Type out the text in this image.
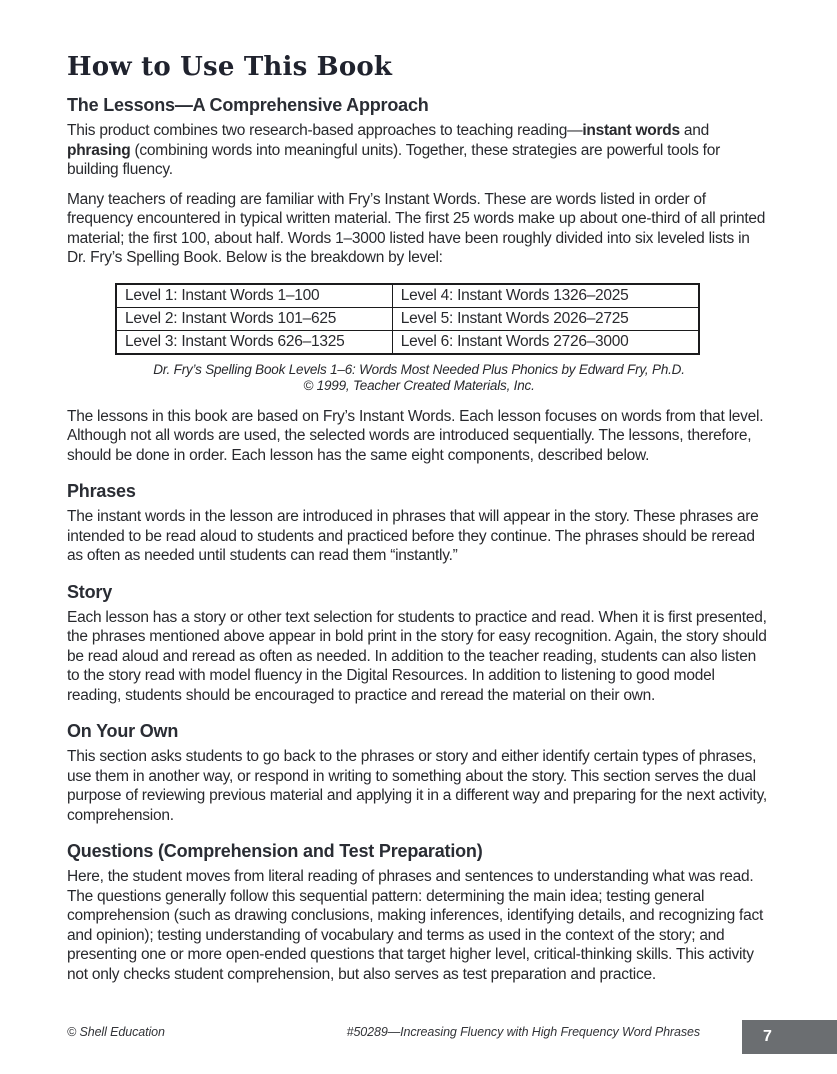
How to Use This Book
The Lessons—A Comprehensive Approach

This product combines two research-based approaches to teaching reading—instant words and phrasing (combining words into meaningful units). Together, these strategies are powerful tools for building fluency.

Many teachers of reading are familiar with Fry’s Instant Words. These are words listed in order of frequency encountered in typical written material. The first 25 words make up about one-third of all printed material; the first 100, about half. Words 1–3000 listed have been roughly divided into six leveled lists in Dr. Fry’s Spelling Book. Below is the breakdown by level:

Level 1: Instant Words 1–100	Level 4: Instant Words 1326–2025
Level 2: Instant Words 101–625	Level 5: Instant Words 2026–2725
Level 3: Instant Words 626–1325	Level 6: Instant Words 2726–3000
Dr. Fry’s Spelling Book Levels 1–6: Words Most Needed Plus Phonics by Edward Fry, Ph.D.
© 1999, Teacher Created Materials, Inc.

The lessons in this book are based on Fry’s Instant Words. Each lesson focuses on words from that level. Although not all words are used, the selected words are introduced sequentially. The lessons, therefore, should be done in order. Each lesson has the same eight components, described below.

Phrases

The instant words in the lesson are introduced in phrases that will appear in the story. These phrases are intended to be read aloud to students and practiced before they continue. The phrases should be reread as often as needed until students can read them “instantly.”

Story

Each lesson has a story or other text selection for students to practice and read. When it is first presented, the phrases mentioned above appear in bold print in the story for easy recognition. Again, the story should be read aloud and reread as often as needed. In addition to the teacher reading, students can also listen to the story read with model fluency in the Digital Resources. In addition to listening to good model reading, students should be encouraged to practice and reread the material on their own.

On Your Own

This section asks students to go back to the phrases or story and either identify certain types of phrases, use them in another way, or respond in writing to something about the story. This section serves the dual purpose of reviewing previous material and applying it in a different way and preparing for the next activity, comprehension.

Questions (Comprehension and Test Preparation)

Here, the student moves from literal reading of phrases and sentences to understanding what was read. The questions generally follow this sequential pattern: determining the main idea; testing general comprehension (such as drawing conclusions, making inferences, identifying details, and recognizing fact and opinion); testing understanding of vocabulary and terms as used in the context of the story; and presenting one or more open-ended questions that target higher level, critical-thinking skills. This activity not only checks student comprehension, but also serves as test preparation and practice.

© Shell Education	#50289—Increasing Fluency with High Frequency Word Phrases	7
